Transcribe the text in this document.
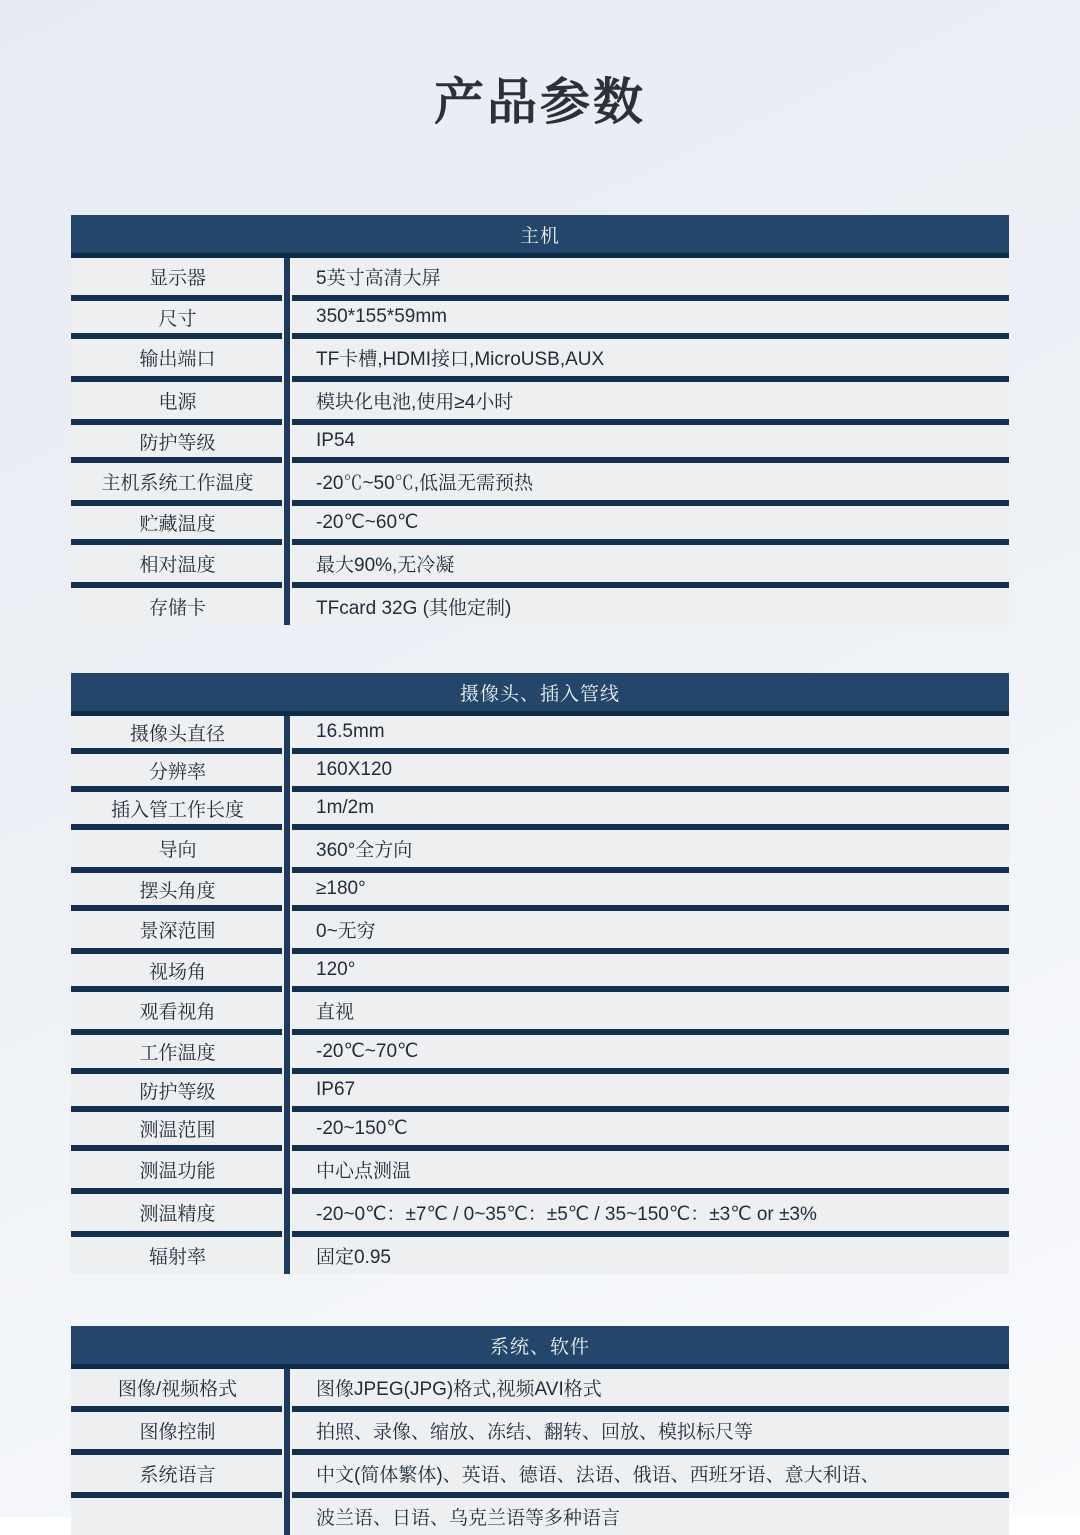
产品参数
主机
显示器	5英寸高清大屏
尺寸	350*155*59mm
输出端口	TF卡槽,HDMI接口,MicroUSB,AUX
电源	模块化电池,使用≥4小时
防护等级	IP54
主机系统工作温度	-20℃~50℃,低温无需预热
贮藏温度	-20℃~60℃
相对温度	最大90%,无冷凝
存储卡	TFcard 32G (其他定制)
摄像头、插入管线
摄像头直径	16.5mm
分辨率	160X120
插入管工作长度	1m/2m
导向	360°全方向
摆头角度	≥180°
景深范围	0~无穷
视场角	120°
观看视角	直视
工作温度	-20℃~70℃
防护等级	IP67
测温范围	-20~150℃
测温功能	中心点测温
测温精度	-20~0℃：±7℃ / 0~35℃：±5℃ / 35~150℃：±3℃ or ±3%
辐射率	固定0.95
系统、软件
图像/视频格式	图像JPEG(JPG)格式,视频AVI格式
图像控制	拍照、录像、缩放、冻结、翻转、回放、模拟标尺等
系统语言	中文(简体繁体)、英语、德语、法语、俄语、西班牙语、意大利语、
波兰语、日语、乌克兰语等多种语言
